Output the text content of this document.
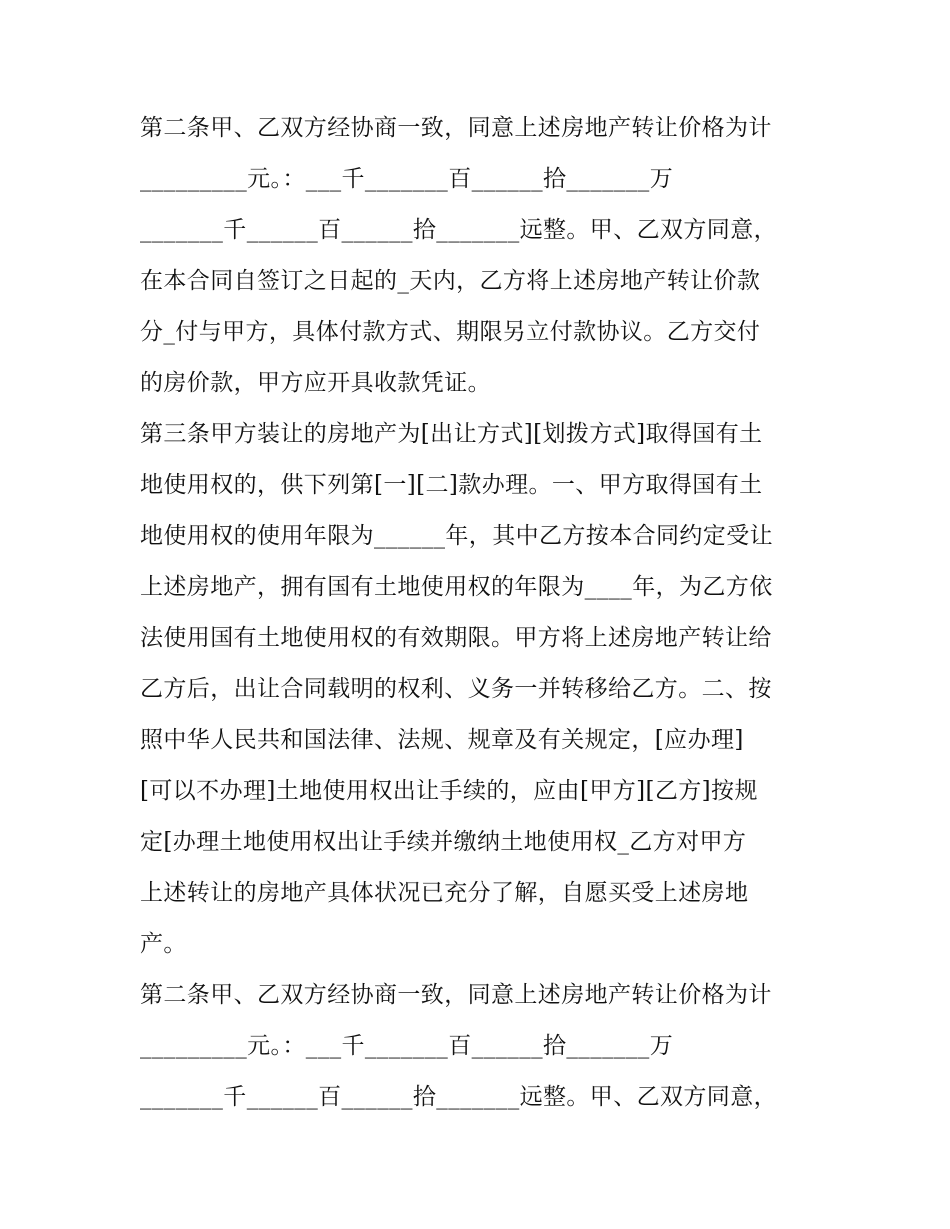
第二条甲、乙双方经协商一致，同意上述房地产转让价格为计
_________元。：___千_______百______拾_______万
_______千______百______拾_______远整。甲、乙双方同意，
在本合同自签订之日起的_天内，乙方将上述房地产转让价款
分_付与甲方，具体付款方式、期限另立付款协议。乙方交付
的房价款，甲方应开具收款凭证。
第三条甲方装让的房地产为[出让方式][划拨方式]取得国有土
地使用权的，供下列第[一][二]款办理。一、甲方取得国有土
地使用权的使用年限为______年，其中乙方按本合同约定受让
上述房地产，拥有国有土地使用权的年限为____年，为乙方依
法使用国有土地使用权的有效期限。甲方将上述房地产转让给
乙方后，出让合同载明的权利、义务一并转移给乙方。二、按
照中华人民共和国法律、法规、规章及有关规定，[应办理]
[可以不办理]土地使用权出让手续的，应由[甲方][乙方]按规
定[办理土地使用权出让手续并缴纳土地使用权_乙方对甲方
上述转让的房地产具体状况已充分了解，自愿买受上述房地
产。
第二条甲、乙双方经协商一致，同意上述房地产转让价格为计
_________元。：___千_______百______拾_______万
_______千______百______拾_______远整。甲、乙双方同意，
